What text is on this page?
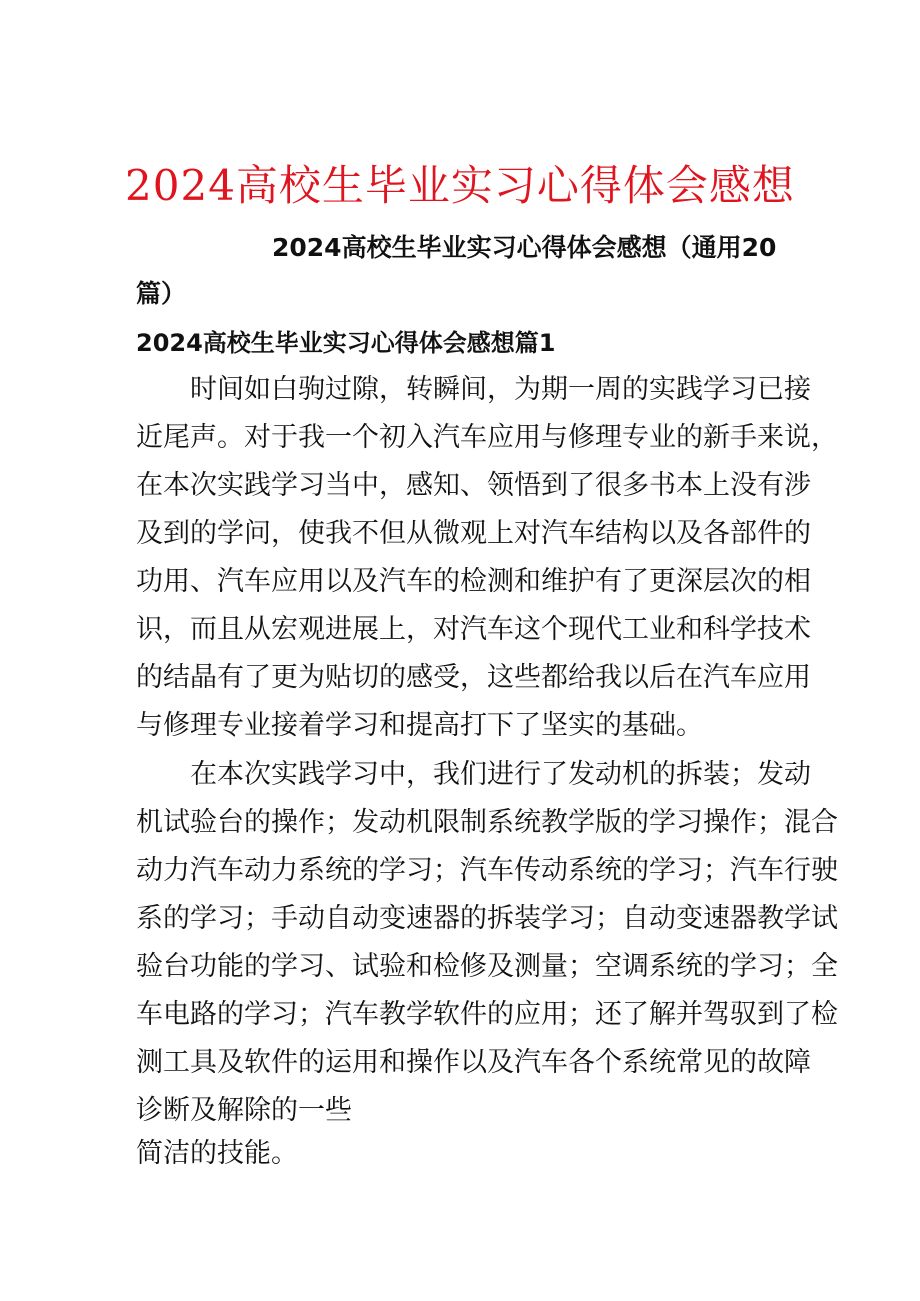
2024高校生毕业实习心得体会感想
2024高校生毕业实习心得体会感想（通用20
篇）
2024高校生毕业实习心得体会感想篇1
时间如白驹过隙，转瞬间，为期一周的实践学习已接
近尾声。对于我一个初入汽车应用与修理专业的新手来说，
在本次实践学习当中，感知、领悟到了很多书本上没有涉
及到的学问，使我不但从微观上对汽车结构以及各部件的
功用、汽车应用以及汽车的检测和维护有了更深层次的相
识，而且从宏观进展上，对汽车这个现代工业和科学技术
的结晶有了更为贴切的感受，这些都给我以后在汽车应用
与修理专业接着学习和提高打下了坚实的基础。
在本次实践学习中，我们进行了发动机的拆装；发动
机试验台的操作；发动机限制系统教学版的学习操作；混合
动力汽车动力系统的学习；汽车传动系统的学习；汽车行驶
系的学习；手动自动变速器的拆装学习；自动变速器教学试
验台功能的学习、试验和检修及测量；空调系统的学习；全
车电路的学习；汽车教学软件的应用；还了解并驾驭到了检
测工具及软件的运用和操作以及汽车各个系统常见的故障
诊断及解除的一些
简洁的技能。
